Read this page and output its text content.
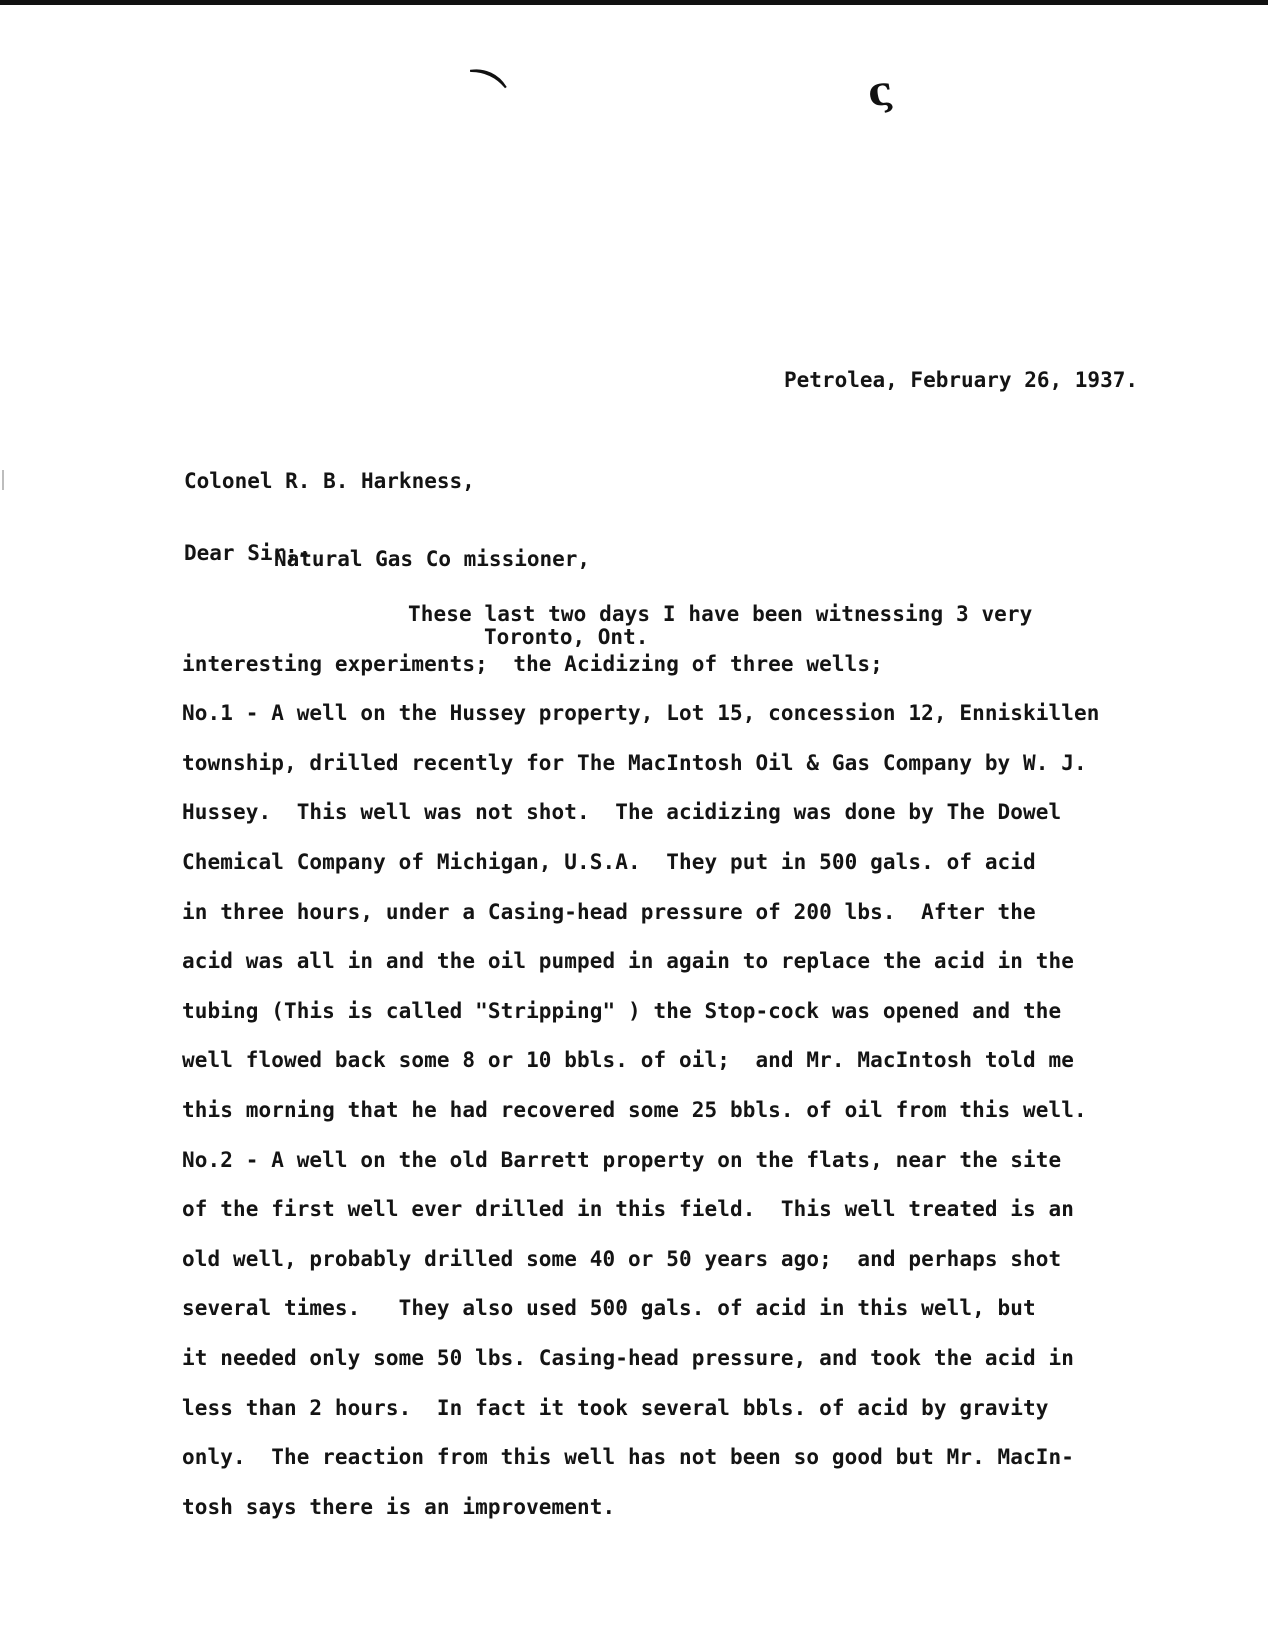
⌒	ς
Petrolea, February 26, 1937.

Colonel R. B. Harkness,

Natural Gas Co missioner,

Toronto, Ont.

Dear Sir;-
These last two days I have been witnessing 3 very
interesting experiments;  the Acidizing of three wells;
No.1 - A well on the Hussey property, Lot 15, concession 12, Enniskillen
township, drilled recently for The MacIntosh Oil & Gas Company by W. J.
Hussey.  This well was not shot.  The acidizing was done by The Dowel
Chemical Company of Michigan, U.S.A.  They put in 500 gals. of acid
in three hours, under a Casing-head pressure of 200 lbs.  After the
acid was all in and the oil pumped in again to replace the acid in the
tubing (This is called "Stripping" ) the Stop-cock was opened and the
well flowed back some 8 or 10 bbls. of oil;  and Mr. MacIntosh told me
this morning that he had recovered some 25 bbls. of oil from this well.
No.2 - A well on the old Barrett property on the flats, near the site
of the first well ever drilled in this field.  This well treated is an
old well, probably drilled some 40 or 50 years ago;  and perhaps shot
several times.   They also used 500 gals. of acid in this well, but
it needed only some 50 lbs. Casing-head pressure, and took the acid in
less than 2 hours.  In fact it took several bbls. of acid by gravity
only.  The reaction from this well has not been so good but Mr. MacIn-
tosh says there is an improvement.
